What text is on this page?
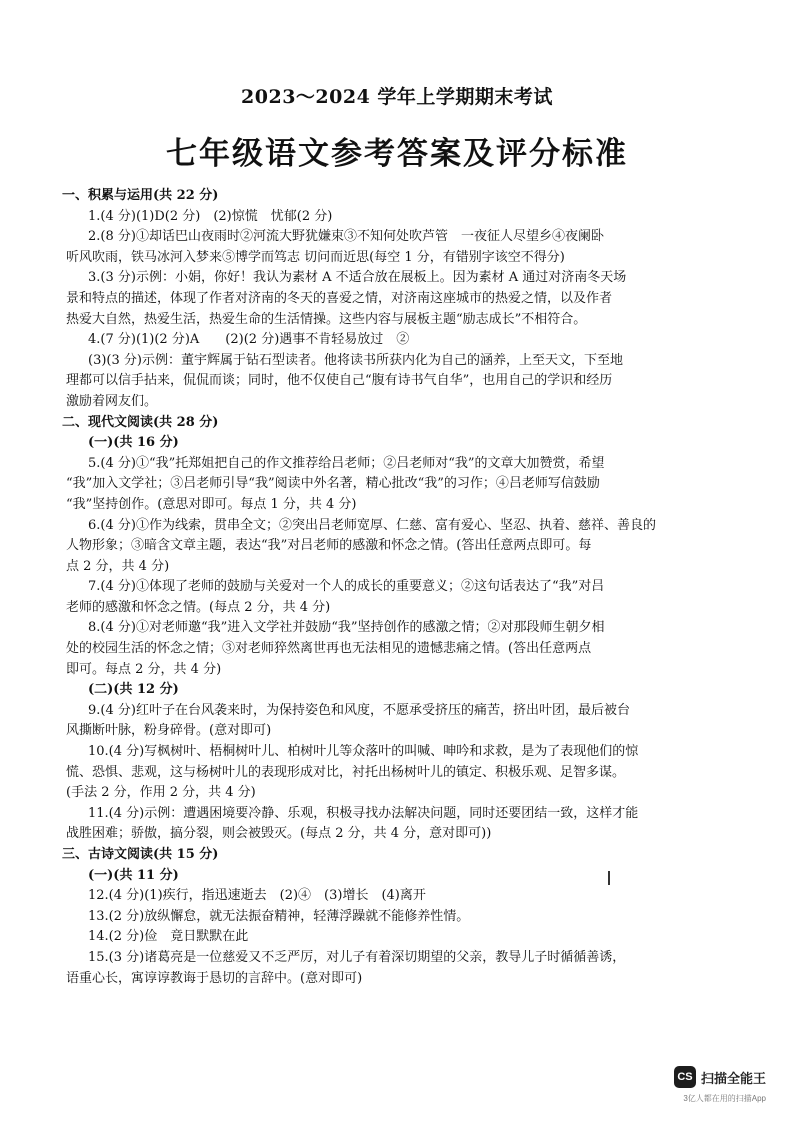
2023～2024 学年上学期期末考试
七年级语文参考答案及评分标准
一、积累与运用(共 22 分)
1.(4 分)(1)D(2 分)　(2)惊慌　忧郁(2 分)
2.(8 分)①却话巴山夜雨时②河流大野犹嫌束③不知何处吹芦管　一夜征人尽望乡④夜阑卧
听风吹雨，铁马冰河入梦来⑤博学而笃志 切问而近思(每空 1 分，有错别字该空不得分)
3.(3 分)示例：小娟，你好！我认为素材 A 不适合放在展板上。因为素材 A 通过对济南冬天场
景和特点的描述，体现了作者对济南的冬天的喜爱之情，对济南这座城市的热爱之情，以及作者
热爱大自然，热爱生活，热爱生命的生活情操。这些内容与展板主题“励志成长”不相符合。
4.(7 分)(1)(2 分)A　　(2)(2 分)遇事不肯轻易放过　②
(3)(3 分)示例：董宇辉属于钻石型读者。他将读书所获内化为自己的涵养，上至天文，下至地
理都可以信手拈来，侃侃而谈；同时，他不仅使自己“腹有诗书气自华”，也用自己的学识和经历
激励着网友们。
二、现代文阅读(共 28 分)
(一)(共 16 分)
5.(4 分)①“我”托郑姐把自己的作文推荐给吕老师；②吕老师对“我”的文章大加赞赏，希望
“我”加入文学社；③吕老师引导“我”阅读中外名著，精心批改“我”的习作；④吕老师写信鼓励
“我”坚持创作。(意思对即可。每点 1 分，共 4 分)
6.(4 分)①作为线索，贯串全文；②突出吕老师宽厚、仁慈、富有爱心、坚忍、执着、慈祥、善良的
人物形象；③暗含文章主题，表达“我”对吕老师的感激和怀念之情。(答出任意两点即可。每
点 2 分，共 4 分)
7.(4 分)①体现了老师的鼓励与关爱对一个人的成长的重要意义；②这句话表达了“我”对吕
老师的感激和怀念之情。(每点 2 分，共 4 分)
8.(4 分)①对老师邀“我”进入文学社并鼓励“我”坚持创作的感激之情；②对那段师生朝夕相
处的校园生活的怀念之情；③对老师猝然离世再也无法相见的遗憾悲痛之情。(答出任意两点
即可。每点 2 分，共 4 分)
(二)(共 12 分)
9.(4 分)红叶子在台风袭来时，为保持姿色和风度，不愿承受挤压的痛苦，挤出叶团，最后被台
风撕断叶脉，粉身碎骨。(意对即可)
10.(4 分)写枫树叶、梧桐树叶儿、柏树叶儿等众落叶的叫喊、呻吟和求救，是为了表现他们的惊
慌、恐惧、悲观，这与杨树叶儿的表现形成对比，衬托出杨树叶儿的镇定、积极乐观、足智多谋。
(手法 2 分，作用 2 分，共 4 分)
11.(4 分)示例：遭遇困境要冷静、乐观，积极寻找办法解决问题，同时还要团结一致，这样才能
战胜困难；骄傲，搞分裂，则会被毁灭。(每点 2 分，共 4 分，意对即可))
三、古诗文阅读(共 15 分)
(一)(共 11 分)
12.(4 分)(1)疾行，指迅速逝去　(2)④　(3)增长　(4)离开
13.(2 分)放纵懈怠，就无法振奋精神，轻薄浮躁就不能修养性情。
14.(2 分)俭　竟日默默在此
15.(3 分)诸葛亮是一位慈爱又不乏严厉，对儿子有着深切期望的父亲，教导儿子时循循善诱，
语重心长，寓谆谆教诲于恳切的言辞中。(意对即可)
CS 扫描全能王
3亿人都在用的扫描App
